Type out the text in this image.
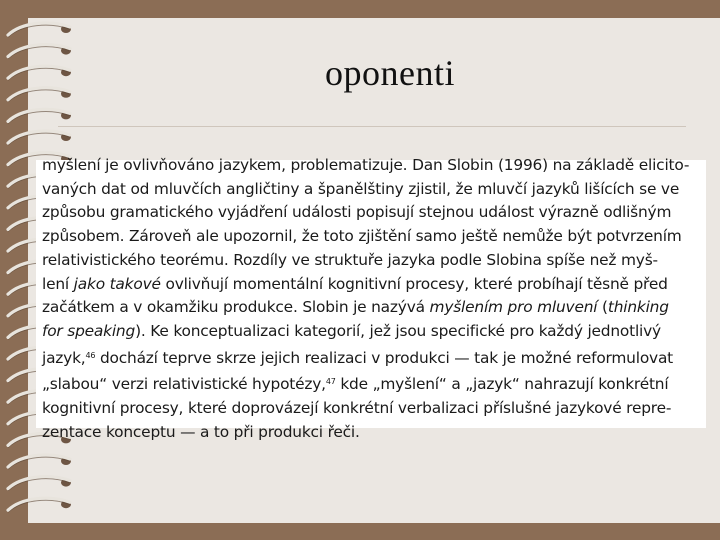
oponenti
myšlení je ovlivňováno jazykem, problematizuje. Dan Slobin (1996) na základě elicito-
vaných dat od mluvčích angličtiny a španělštiny zjistil, že mluvčí jazyků lišících se ve
způsobu gramatického vyjádření události popisují stejnou událost výrazně odlišným
způsobem. Zároveň ale upozornil, že toto zjištění samo ještě nemůže být potvrzením
relativistického teorému. Rozdíly ve struktuře jazyka podle Slobina spíše než myš-
lení jako takové ovlivňují momentální kognitivní procesy, které probíhají těsně před
začátkem a v okamžiku produkce. Slobin je nazývá myšlením pro mluvení (thinking
for speaking). Ke konceptualizaci kategorií, jež jsou specifické pro každý jednotlivý
jazyk,$^{46}$ dochází teprve skrze jejich realizaci v produkci — tak je možné reformulovat
„slabou“ verzi relativistické hypotézy,$^{47}$ kde „myšlení“ a „jazyk“ nahrazují konkrétní
kognitivní procesy, které doprovázejí konkrétní verbalizaci příslušné jazykové repre-
zentace konceptu — a to při produkci řeči.
